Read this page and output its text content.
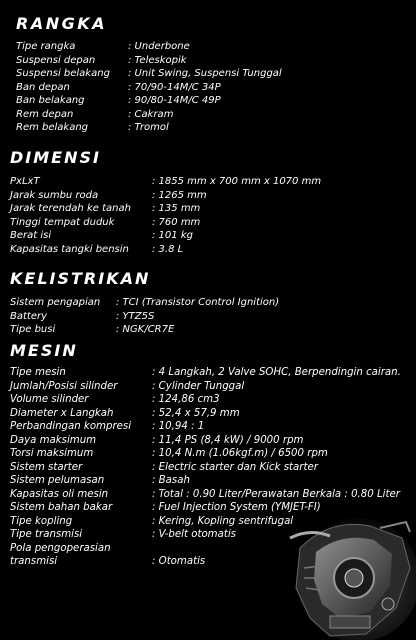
RANGKA
Tipe rangka	: Underbone
Suspensi depan	: Teleskopik
Suspensi belakang : Unit Swing, Suspensi Tunggal
Ban depan	: 70/90-14M/C 34P
Ban belakang	: 90/80-14M/C 49P
Rem depan	: Cakram
Rem belakang	: Tromol
DIMENSI
PxLxT	: 1855 mm x 700 mm x 1070 mm
Jarak sumbu roda	: 1265 mm
Jarak terendah ke tanah : 135 mm
Tinggi tempat duduk	: 760 mm
Berat isi	: 101 kg
Kapasitas tangki bensin : 3.8 L
KELISTRIKAN
Sistem pengapian : TCI (Transistor Control Ignition)
Battery	: YTZ5S
Tipe busi	: NGK/CR7E
MESIN
Tipe mesin	: 4 Langkah, 2 Valve SOHC, Berpendingin cairan.
Jumlah/Posisi silinder	: Cylinder Tunggal
Volume silinder	: 124,86 cm3
Diameter x Langkah	: 52,4 x 57,9 mm
Perbandingan kompresi : 10,94 : 1
Daya maksimum	: 11,4 PS (8,4 kW) / 9000 rpm
Torsi maksimum	: 10,4 N.m (1.06kgf.m) / 6500 rpm
Sistem starter	: Electric starter dan Kick starter
Sistem pelumasan	: Basah
Kapasitas oli mesin	: Total : 0.90 Liter/Perawatan Berkala : 0.80 Liter
Sistem bahan bakar	: Fuel Injection System (YMJET-FI)
Tipe kopling	: Kering, Kopling sentrifugal
Tipe transmisi	: V-belt otomatis
Pola pengoperasian
transmisi	: Otomatis
